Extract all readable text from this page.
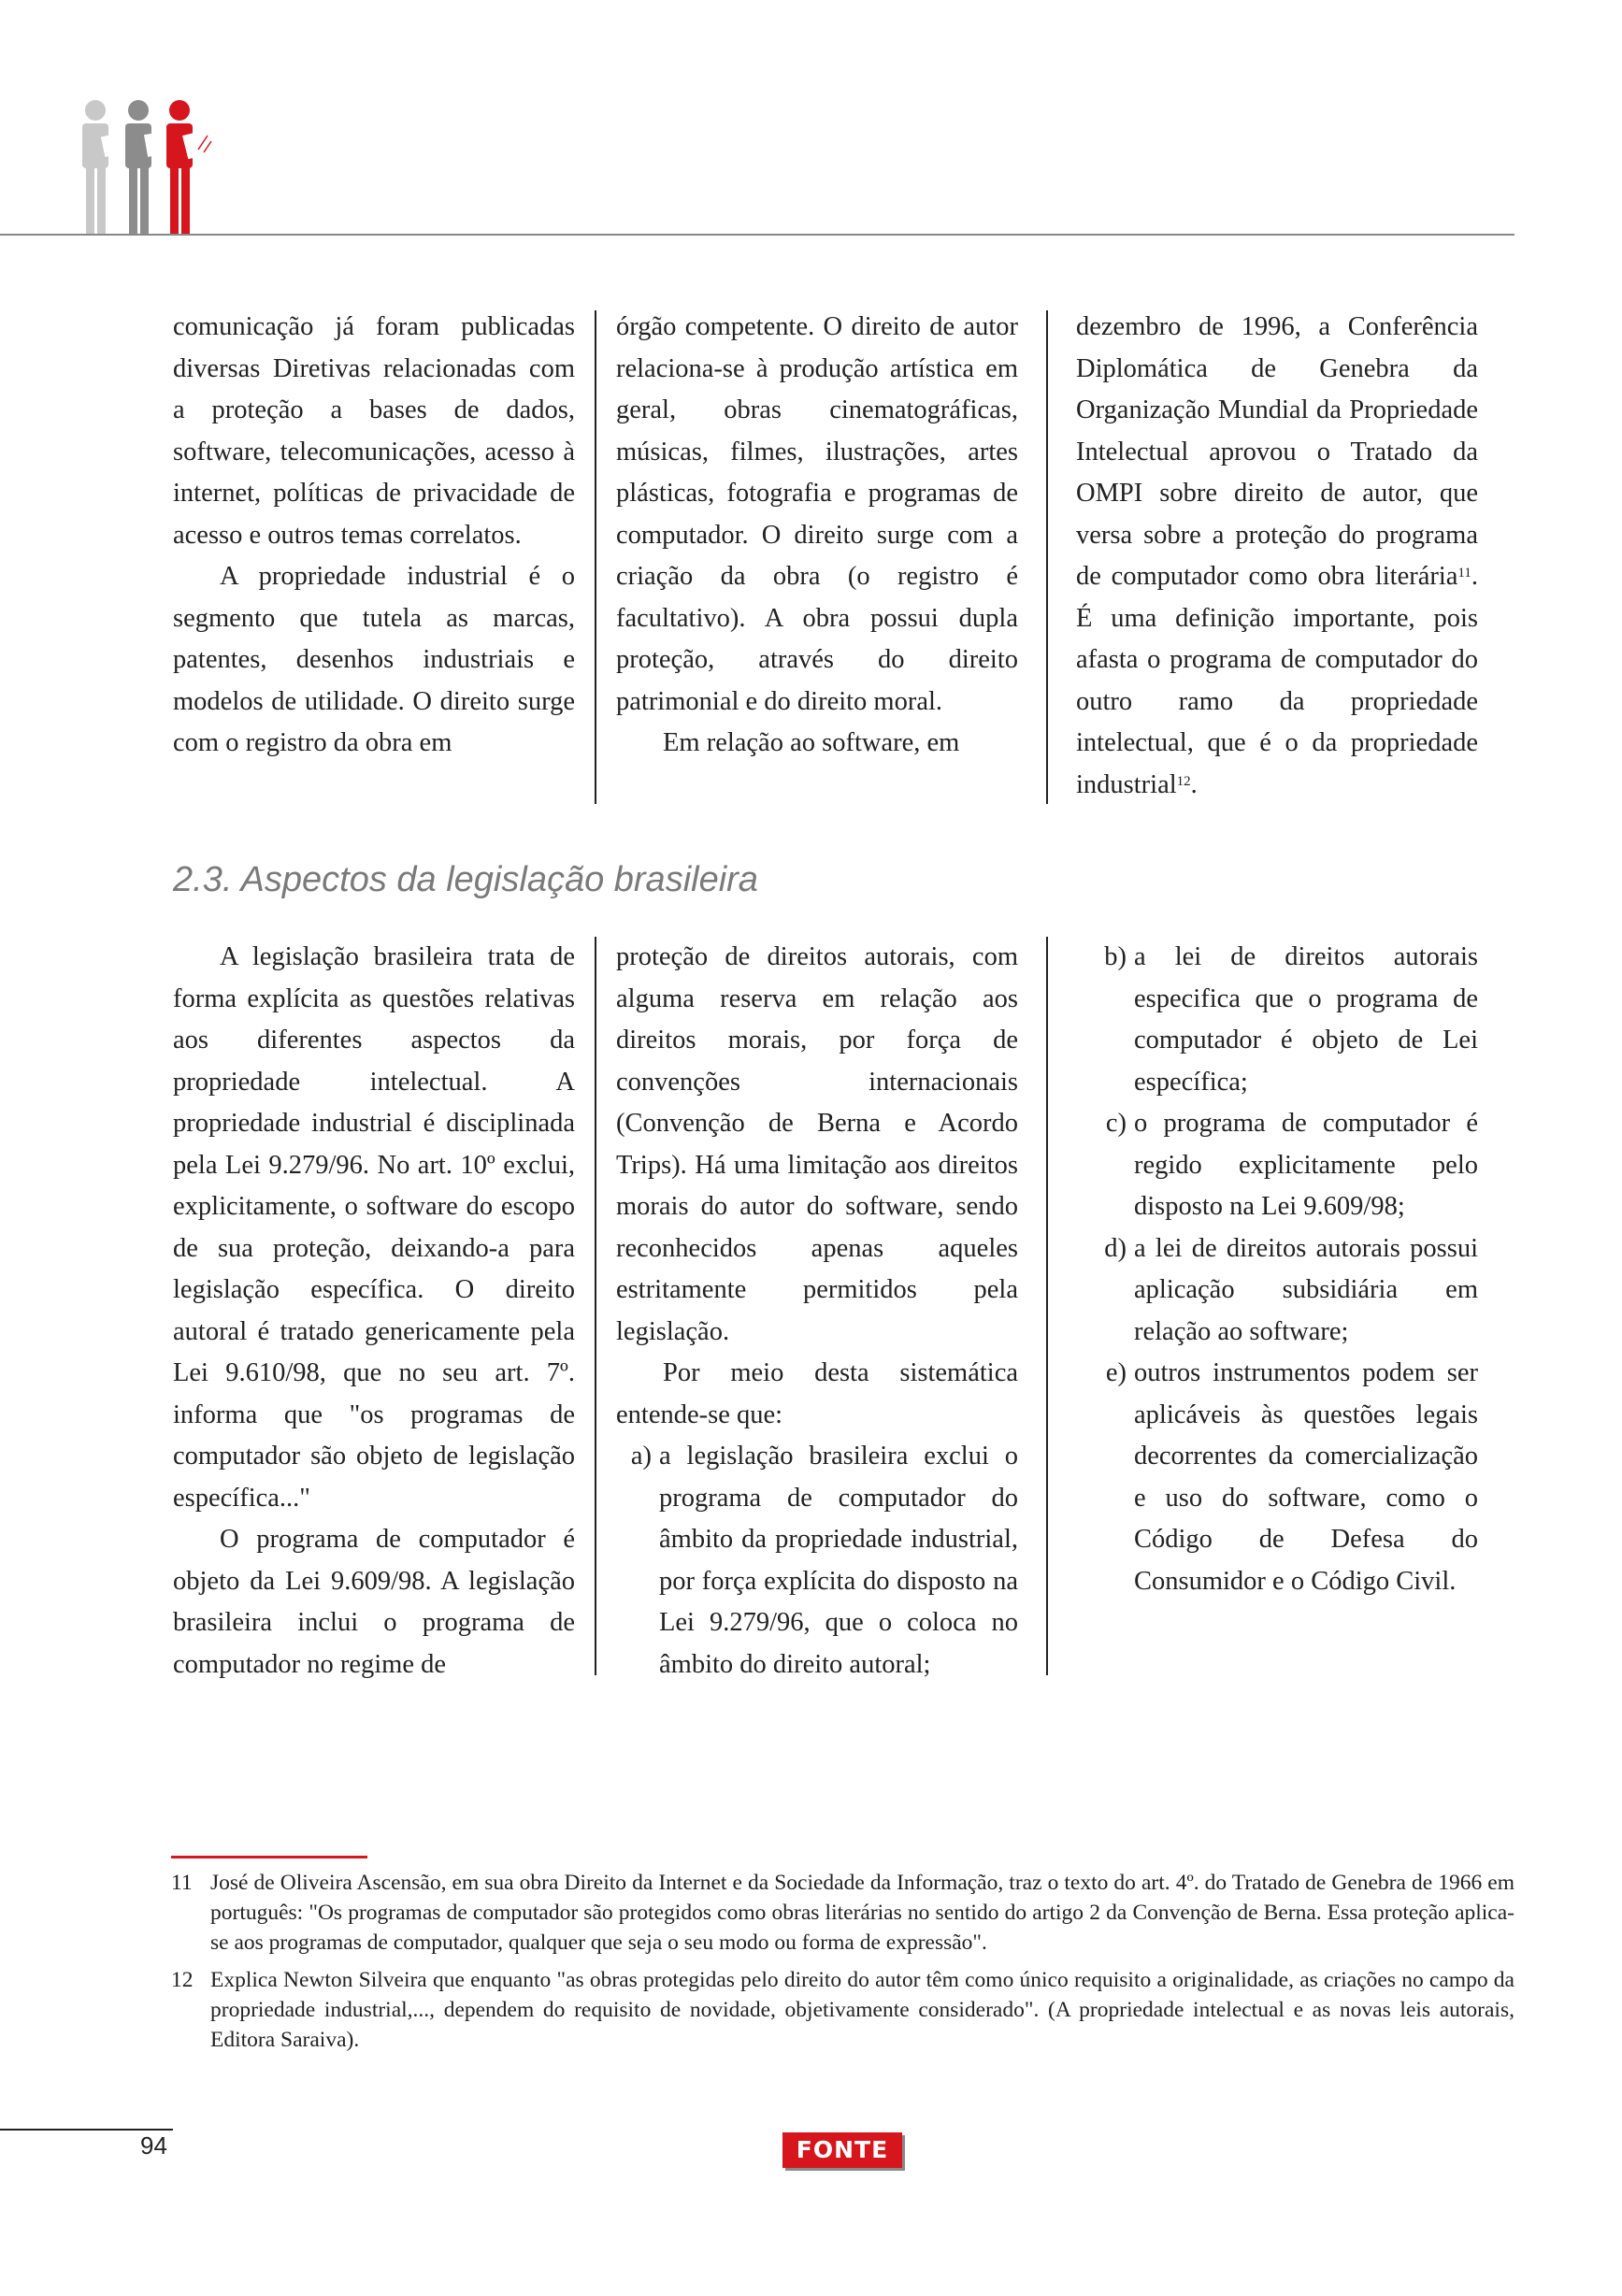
comunicação já foram publicadas diversas Diretivas relacionadas com a proteção a bases de dados, software, telecomunicações, acesso à internet, políticas de privacidade de acesso e outros temas correlatos.

A propriedade industrial é o segmento que tutela as marcas, patentes, desenhos industriais e modelos de utilidade. O direito surge com o registro da obra em

órgão competente. O direito de autor relaciona-se à produção artística em geral, obras cinematográficas, músicas, filmes, ilustrações, artes plásticas, fotografia e programas de computador. O direito surge com a criação da obra (o registro é facultativo). A obra possui dupla proteção, através do direito patrimonial e do direito moral.

Em relação ao software, em

dezembro de 1996, a Conferência Diplomática de Genebra da Organização Mundial da Propriedade Intelectual aprovou o Tratado da OMPI sobre direito de autor, que versa sobre a proteção do programa de computador como obra literária$^{11}$. É uma definição importante, pois afasta o programa de computador do outro ramo da propriedade intelectual, que é o da propriedade industrial$^{12}$.

2.3. Aspectos da legislação brasileira

A legislação brasileira trata de forma explícita as questões relativas aos diferentes aspectos da propriedade intelectual. A propriedade industrial é disciplinada pela Lei 9.279/96. No art. 10º exclui, explicitamente, o software do escopo de sua proteção, deixando-a para legislação específica. O direito autoral é tratado genericamente pela Lei 9.610/98, que no seu art. 7º. informa que "os programas de computador são objeto de legislação específica..."

O programa de computador é objeto da Lei 9.609/98. A legislação brasileira inclui o programa de computador no regime de

proteção de direitos autorais, com alguma reserva em relação aos direitos morais, por força de convenções internacionais (Convenção de Berna e Acordo Trips). Há uma limitação aos direitos morais do autor do software, sendo reconhecidos apenas aqueles estritamente permitidos pela legislação.

Por meio desta sistemática entende-se que:

a) a legislação brasileira exclui o programa de computador do âmbito da propriedade industrial, por força explícita do disposto na Lei 9.279/96, que o coloca no âmbito do direito autoral;
b) a lei de direitos autorais especifica que o programa de computador é objeto de Lei específica;
c) o programa de computador é regido explicitamente pelo disposto na Lei 9.609/98;
d) a lei de direitos autorais possui aplicação subsidiária em relação ao software;
e) outros instrumentos podem ser aplicáveis às questões legais decorrentes da comercialização e uso do software, como o Código de Defesa do Consumidor e o Código Civil.
11 José de Oliveira Ascensão, em sua obra Direito da Internet e da Sociedade da Informação, traz o texto do art. 4º. do Tratado de Genebra de 1966 em português: "Os programas de computador são protegidos como obras literárias no sentido do artigo 2 da Convenção de Berna. Essa proteção aplica-se aos programas de computador, qualquer que seja o seu modo ou forma de expressão".
12 Explica Newton Silveira que enquanto "as obras protegidas pelo direito do autor têm como único requisito a originalidade, as criações no campo da propriedade industrial,..., dependem do requisito de novidade, objetivamente considerado". (A propriedade intelectual e as novas leis autorais, Editora Saraiva).
94	FONTE
